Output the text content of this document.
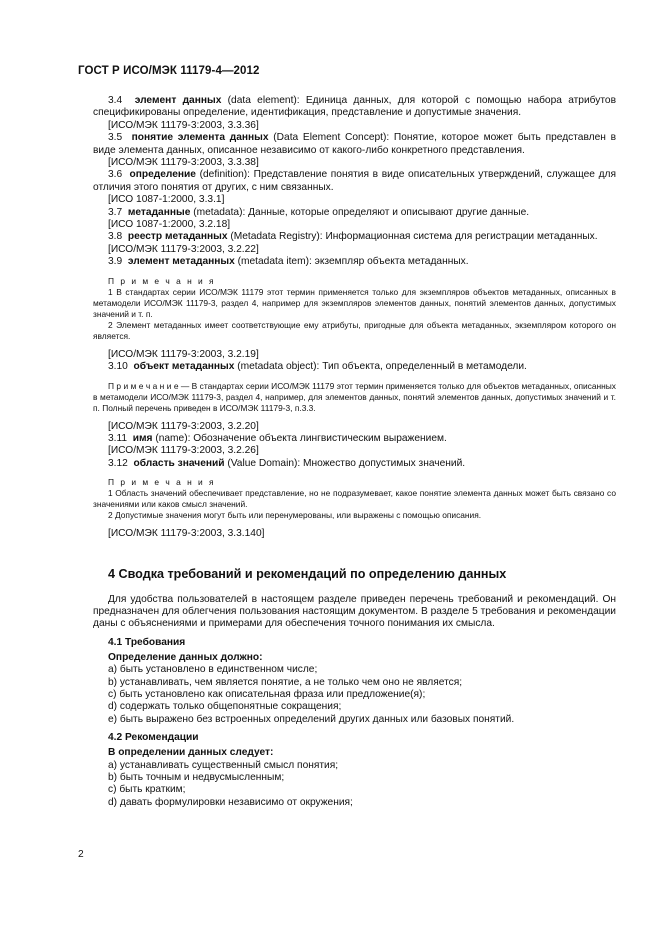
ГОСТ Р ИСО/МЭК 11179-4—2012

3.4 элемент данных (data element): Единица данных, для которой с помощью набора атрибутов спецификированы определение, идентификация, представление и допустимые значения.

[ИСО/МЭК 11179-3:2003, 3.3.36]

3.5 понятие элемента данных (Data Element Concept): Понятие, которое может быть представлен в виде элемента данных, описанное независимо от какого-либо конкретного представления.

[ИСО/МЭК 11179-3:2003, 3.3.38]

3.6 определение (definition): Представление понятия в виде описательных утверждений, служащее для отличия этого понятия от других, с ним связанных.

[ИСО 1087-1:2000, 3.3.1]

3.7 метаданные (metadata): Данные, которые определяют и описывают другие данные.

[ИСО 1087-1:2000, 3.2.18]

3.8 реестр метаданных (Metadata Registry): Информационная система для регистрации метаданных.

[ИСО/МЭК 11179-3:2003, 3.2.22]

3.9 элемент метаданных (metadata item): экземпляр объекта метаданных.

П р и м е ч а н и я

1 В стандартах серии ИСО/МЭК 11179 этот термин применяется только для экземпляров объектов метаданных, описанных в метамодели ИСО/МЭК 11179-3, раздел 4, например для экземпляров элементов данных, понятий элементов данных, допустимых значений и т. п.

2 Элемент метаданных имеет соответствующие ему атрибуты, пригодные для объекта метаданных, экземпляром которого он является.

[ИСО/МЭК 11179-3:2003, 3.2.19]

3.10 объект метаданных (metadata object): Тип объекта, определенный в метамодели.

П р и м е ч а н и е — В стандартах серии ИСО/МЭК 11179 этот термин применяется только для объектов метаданных, описанных в метамодели ИСО/МЭК 11179-3, раздел 4, например, для элементов данных, понятий элементов данных, допустимых значений и т. п. Полный перечень приведен в ИСО/МЭК 11179-3, п.3.3.

[ИСО/МЭК 11179-3:2003, 3.2.20]

3.11 имя (name): Обозначение объекта лингвистическим выражением.

[ИСО/МЭК 11179-3:2003, 3.2.26]

3.12 область значений (Value Domain): Множество допустимых значений.

П р и м е ч а н и я

1 Область значений обеспечивает представление, но не подразумевает, какое понятие элемента данных может быть связано со значениями или каков смысл значений.

2 Допустимые значения могут быть или перенумерованы, или выражены с помощью описания.

[ИСО/МЭК 11179-3:2003, 3.3.140]

4 Сводка требований и рекомендаций по определению данных

Для удобства пользователей в настоящем разделе приведен перечень требований и рекомендаций. Он предназначен для облегчения пользования настоящим документом. В разделе 5 требования и рекомендации даны с объяснениями и примерами для обеспечения точного понимания их смысла.

4.1 Требования
Определение данных должно:
a) быть установлено в единственном числе;
b) устанавливать, чем является понятие, а не только чем оно не является;
c) быть установлено как описательная фраза или предложение(я);
d) содержать только общепонятные сокращения;
e) быть выражено без встроенных определений других данных или базовых понятий.
4.2 Рекомендации
В определении данных следует:
a) устанавливать существенный смысл понятия;
b) быть точным и недвусмысленным;
c) быть кратким;
d) давать формулировки независимо от окружения;
2
